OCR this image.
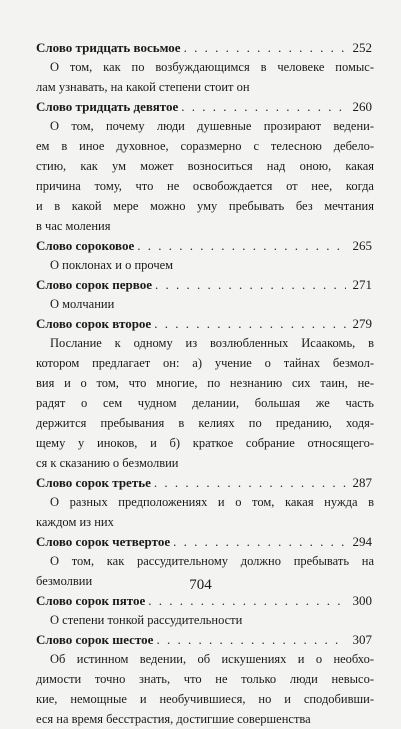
Слово тридцать восьмое . . .	252
О том, как по возбуждающимся в человеке помыс-
лам узнавать, на какой степени стоит он
Слово тридцать девятое . . .	260
О том, почему люди душевные прозирают ведени-
ем в иное духовное, соразмерно с телесною дебело-
стию, как ум может возноситься над оною, какая
причина тому, что не освобождается от нее, когда
и в какой мере можно уму пребывать без мечтания
в час моления
Слово сороковое . . .	265
О поклонах и о прочем
Слово сорок первое . . .	271
О молчании
Слово сорок второе . . .	279
Послание к одному из возлюбленных Исаакомь, в
котором предлагает он: а) учение о тайнах безмол-
вия и о том, что многие, по незнанию сих таин, не-
радят о сем чудном делании, большая же часть
держится пребывания в келиях по преданию, ходя-
щему у иноков, и б) краткое собрание относящего-
ся к сказанию о безмолвии
Слово сорок третье . . .	287
О разных предположениях и о том, какая нужда в
каждом из них
Слово сорок четвертое . . .	294
О том, как рассудительному должно пребывать на
безмолвии
Слово сорок пятое . . .	300
О степени тонкой рассудительности
Слово сорок шестое . . .	307
Об истинном ведении, об искушениях и о необхо-
димости точно знать, что не только люди невысо-
кие, немощные и необучившиеся, но и сподобивши-
еся на время бесстрастия, достигшие совершенства
704
